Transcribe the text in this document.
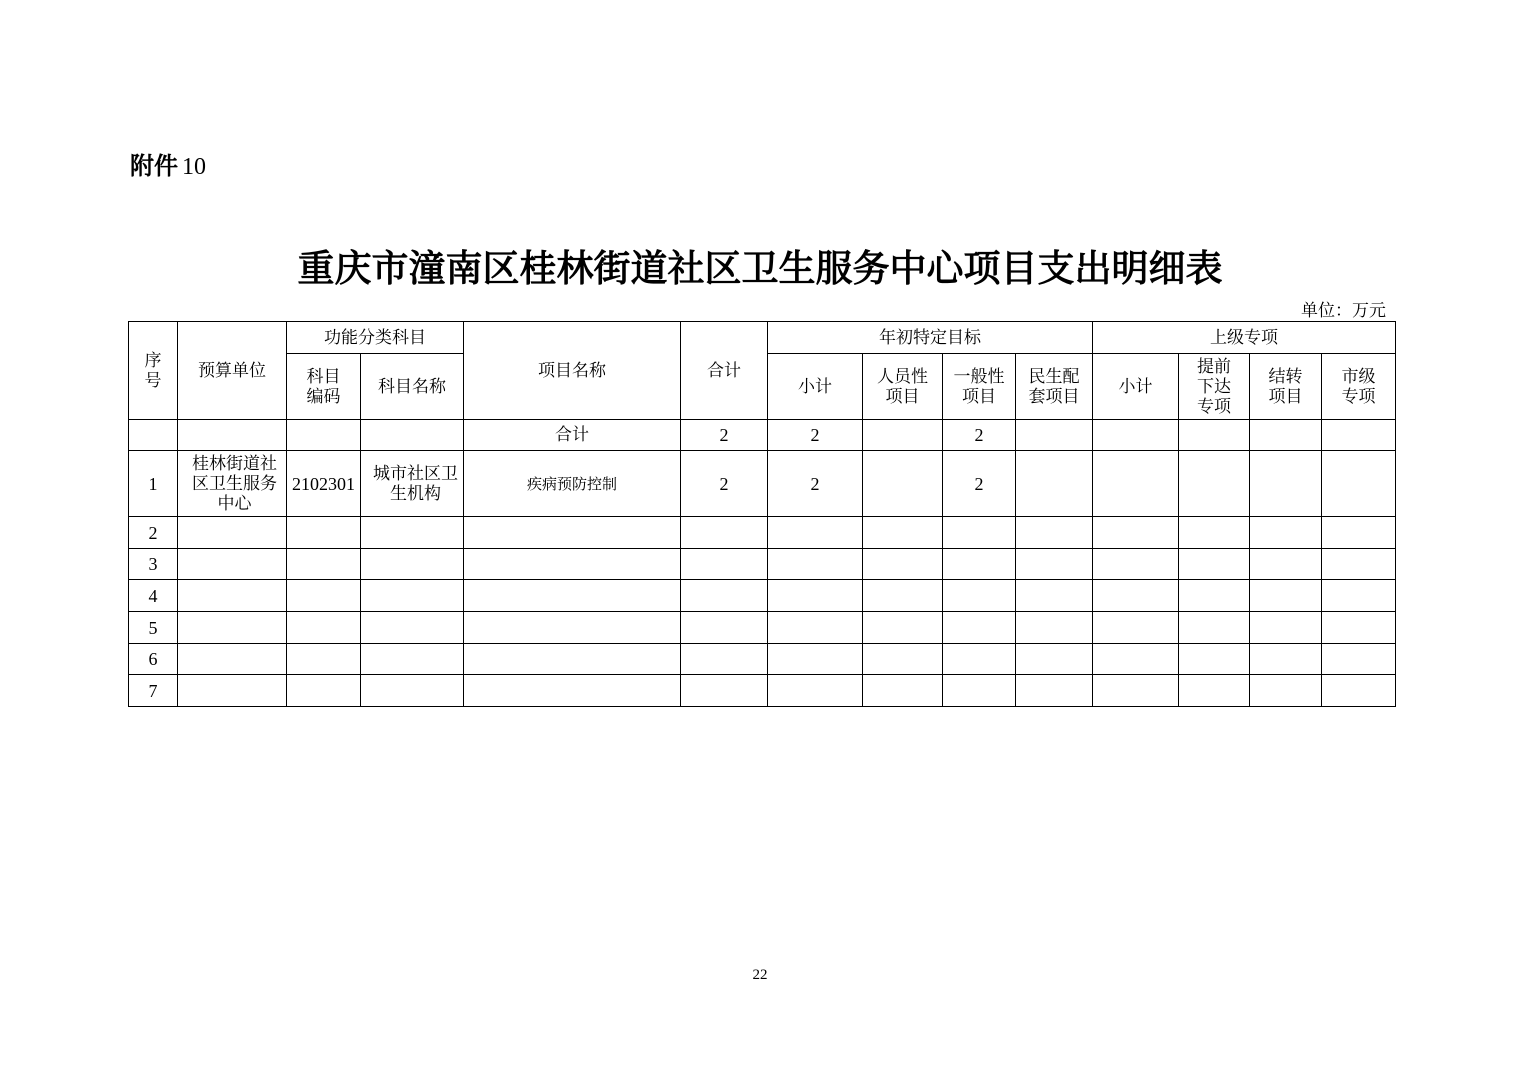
附件 10
重庆市潼南区桂林街道社区卫生服务中心项目支出明细表
单位：万元
序号	预算单位	功能分类科目		项目名称	合计	年初特定目标				上级专项			

		科目编码	科目名称			小计	人员性项目	一般性项目	民生配套项目	小计	提前下达专项	结转项目	市级专项

				合计	2	2		2					
1	桂林街道社区卫生服务中心	2102301	城市社区卫生机构	疾病预防控制	2	2		2					
2													
3													
4													
5													
6													
7													
22
